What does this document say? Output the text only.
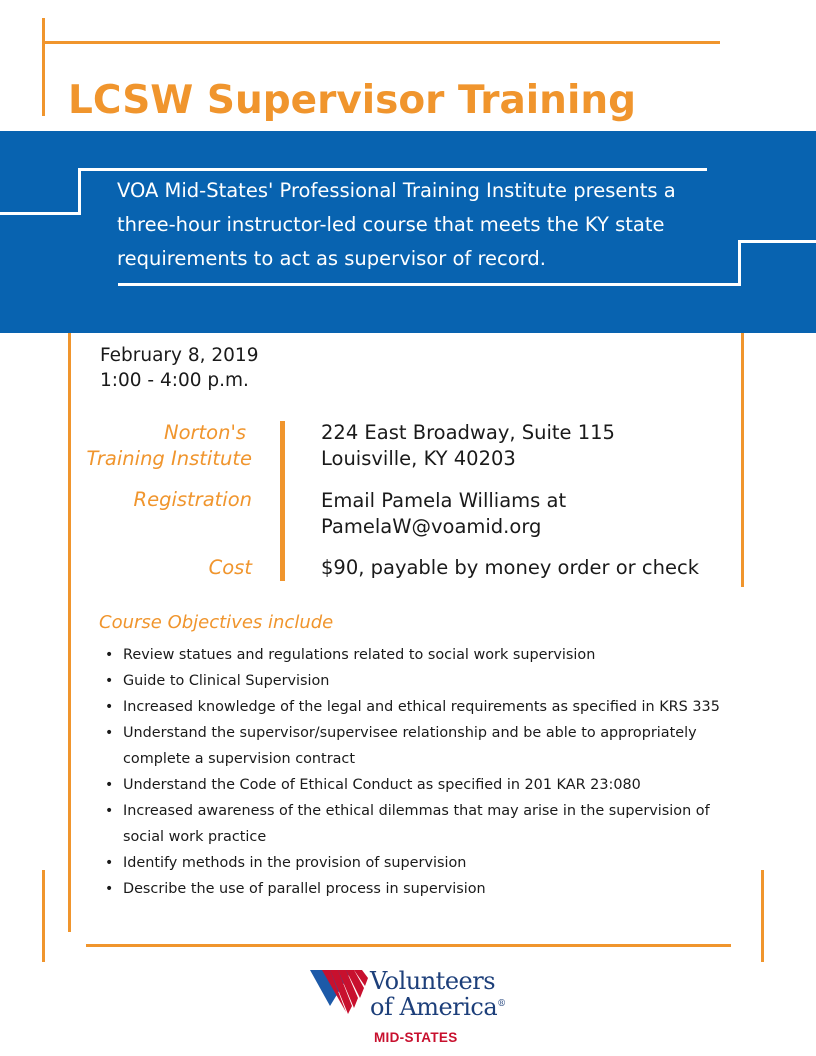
LCSW Supervisor Training
VOA Mid-States' Professional Training Institute presents a
three-hour instructor-led course that meets the KY state
requirements to act as supervisor of record.
February 8, 2019
1:00 - 4:00 p.m.
Norton's
Training Institute
224 East Broadway, Suite 115
Louisville, KY 40203
Registration	Email Pamela Williams at
PamelaW@voamid.org
Cost	$90, payable by money order or check
Course Objectives include
• Review statues and regulations related to social work supervision
• Guide to Clinical Supervision
• Increased knowledge of the legal and ethical requirements as specified in KRS 335
• Understand the supervisor/supervisee relationship and be able to appropriately complete a supervision contract
• Understand the Code of Ethical Conduct as specified in 201 KAR 23:080
• Increased awareness of the ethical dilemmas that may arise in the supervision of social work practice
• Identify methods in the provision of supervision
• Describe the use of parallel process in supervision
Volunteers
of America®
MID-STATES
